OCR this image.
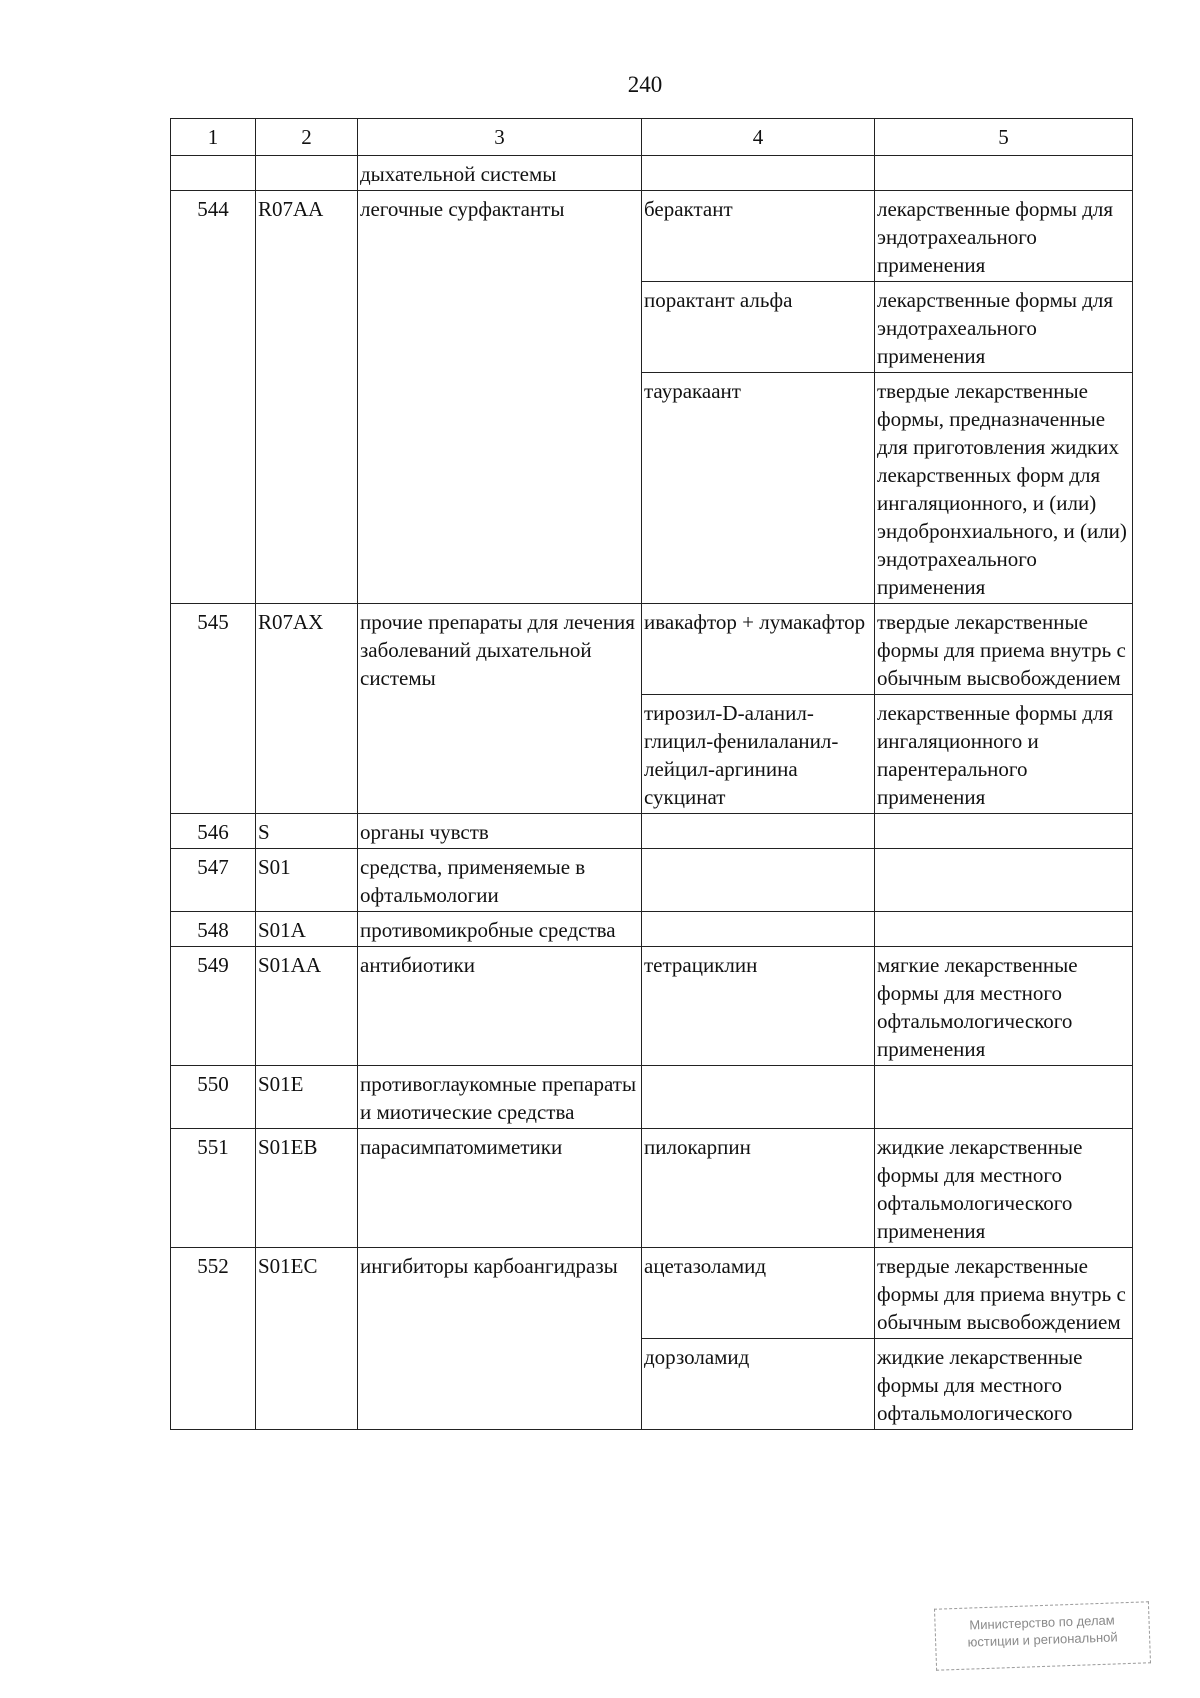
240
1	2	3	4	5
		дыхательной системы		
544	R07AA	легочные сурфактанты	берактант	лекарственные формы для эндотрахеального применения
			порактант альфа	лекарственные формы для эндотрахеального применения
			тауракаант	твердые лекарственные формы, предназначенные для приготовления жидких лекарственных форм для ингаляционного, и (или) эндобронхиального, и (или) эндотрахеального применения
545	R07AX	прочие препараты для лечения заболеваний дыхательной системы	ивакафтор + лумакафтор	твердые лекарственные формы для приема внутрь с обычным высвобождением
			тирозил-D-аланил-глицил-фенилаланил-лейцил-аргинина сукцинат	лекарственные формы для ингаляционного и парентерального применения
546	S	органы чувств		
547	S01	средства, применяемые в офтальмологии		
548	S01A	противомикробные средства		
549	S01AA	антибиотики	тетрациклин	мягкие лекарственные формы для местного офтальмологического применения
550	S01E	противоглаукомные препараты и миотические средства		
551	S01EB	парасимпатомиметики	пилокарпин	жидкие лекарственные формы для местного офтальмологического применения
552	S01EC	ингибиторы карбоангидразы	ацетазоламид	твердые лекарственные формы для приема внутрь с обычным высвобождением
			дорзоламид	жидкие лекарственные формы для местного офтальмологического
Министерство по делам
юстиции и региональной
